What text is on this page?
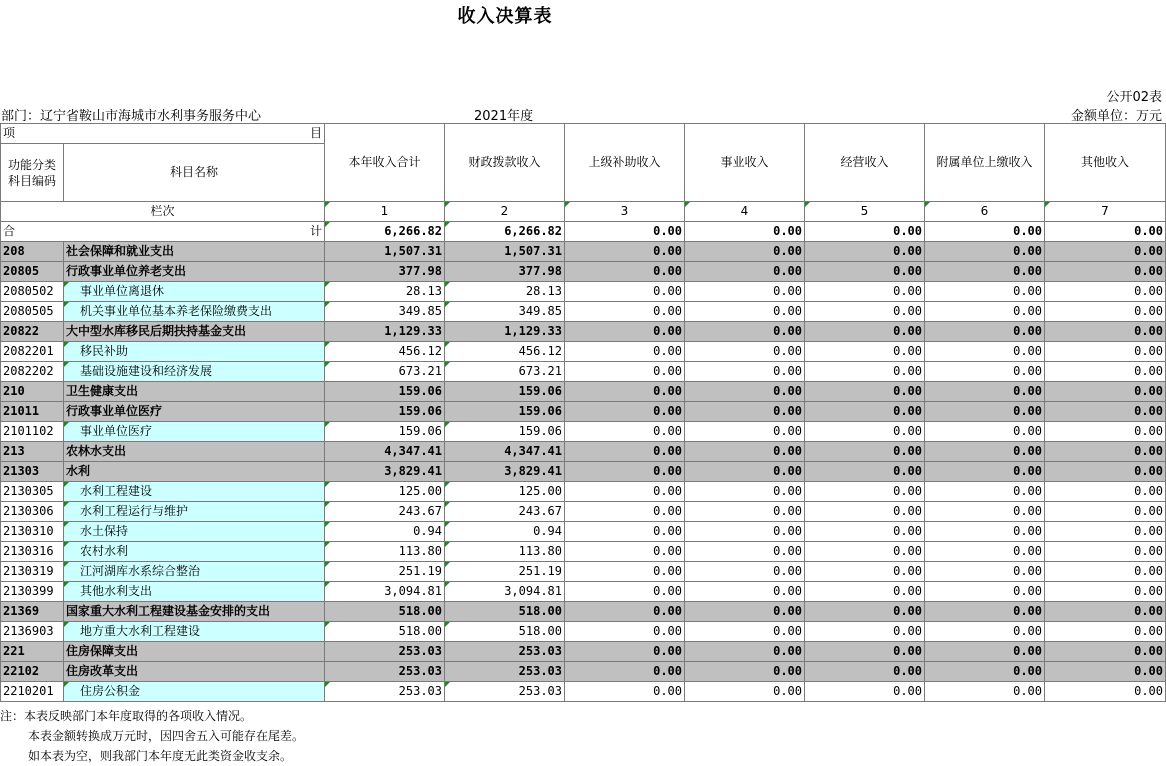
收入决算表
公开02表
部门：辽宁省鞍山市海城市水利事务服务中心	2021年度	金额单位：万元
项 目		本年收入合计	财政拨款收入	上级补助收入	事业收入	经营收入	附属单位上缴收入	其他收入
功能分类
科目编码	科目名称							
栏次		1	2	3	4	5	6	7

合 计		6,266.82	6,266.82	0.00	0.00	0.00	0.00	0.00
208	社会保障和就业支出	1,507.31	1,507.31	0.00	0.00	0.00	0.00	0.00
20805	行政事业单位养老支出	377.98	377.98	0.00	0.00	0.00	0.00	0.00
2080502	事业单位离退休	28.13	28.13	0.00	0.00	0.00	0.00	0.00
2080505	机关事业单位基本养老保险缴费支出	349.85	349.85	0.00	0.00	0.00	0.00	0.00
20822	大中型水库移民后期扶持基金支出	1,129.33	1,129.33	0.00	0.00	0.00	0.00	0.00
2082201	移民补助	456.12	456.12	0.00	0.00	0.00	0.00	0.00
2082202	基础设施建设和经济发展	673.21	673.21	0.00	0.00	0.00	0.00	0.00
210	卫生健康支出	159.06	159.06	0.00	0.00	0.00	0.00	0.00
21011	行政事业单位医疗	159.06	159.06	0.00	0.00	0.00	0.00	0.00
2101102	事业单位医疗	159.06	159.06	0.00	0.00	0.00	0.00	0.00
213	农林水支出	4,347.41	4,347.41	0.00	0.00	0.00	0.00	0.00
21303	水利	3,829.41	3,829.41	0.00	0.00	0.00	0.00	0.00
2130305	水利工程建设	125.00	125.00	0.00	0.00	0.00	0.00	0.00
2130306	水利工程运行与维护	243.67	243.67	0.00	0.00	0.00	0.00	0.00
2130310	水土保持	0.94	0.94	0.00	0.00	0.00	0.00	0.00
2130316	农村水利	113.80	113.80	0.00	0.00	0.00	0.00	0.00
2130319	江河湖库水系综合整治	251.19	251.19	0.00	0.00	0.00	0.00	0.00
2130399	其他水利支出	3,094.81	3,094.81	0.00	0.00	0.00	0.00	0.00
21369	国家重大水利工程建设基金安排的支出	518.00	518.00	0.00	0.00	0.00	0.00	0.00
2136903	地方重大水利工程建设	518.00	518.00	0.00	0.00	0.00	0.00	0.00
221	住房保障支出	253.03	253.03	0.00	0.00	0.00	0.00	0.00
22102	住房改革支出	253.03	253.03	0.00	0.00	0.00	0.00	0.00
2210201	住房公积金	253.03	253.03	0.00	0.00	0.00	0.00	0.00
注：本表反映部门本年度取得的各项收入情况。
本表金额转换成万元时，因四舍五入可能存在尾差。
如本表为空，则我部门本年度无此类资金收支余。
